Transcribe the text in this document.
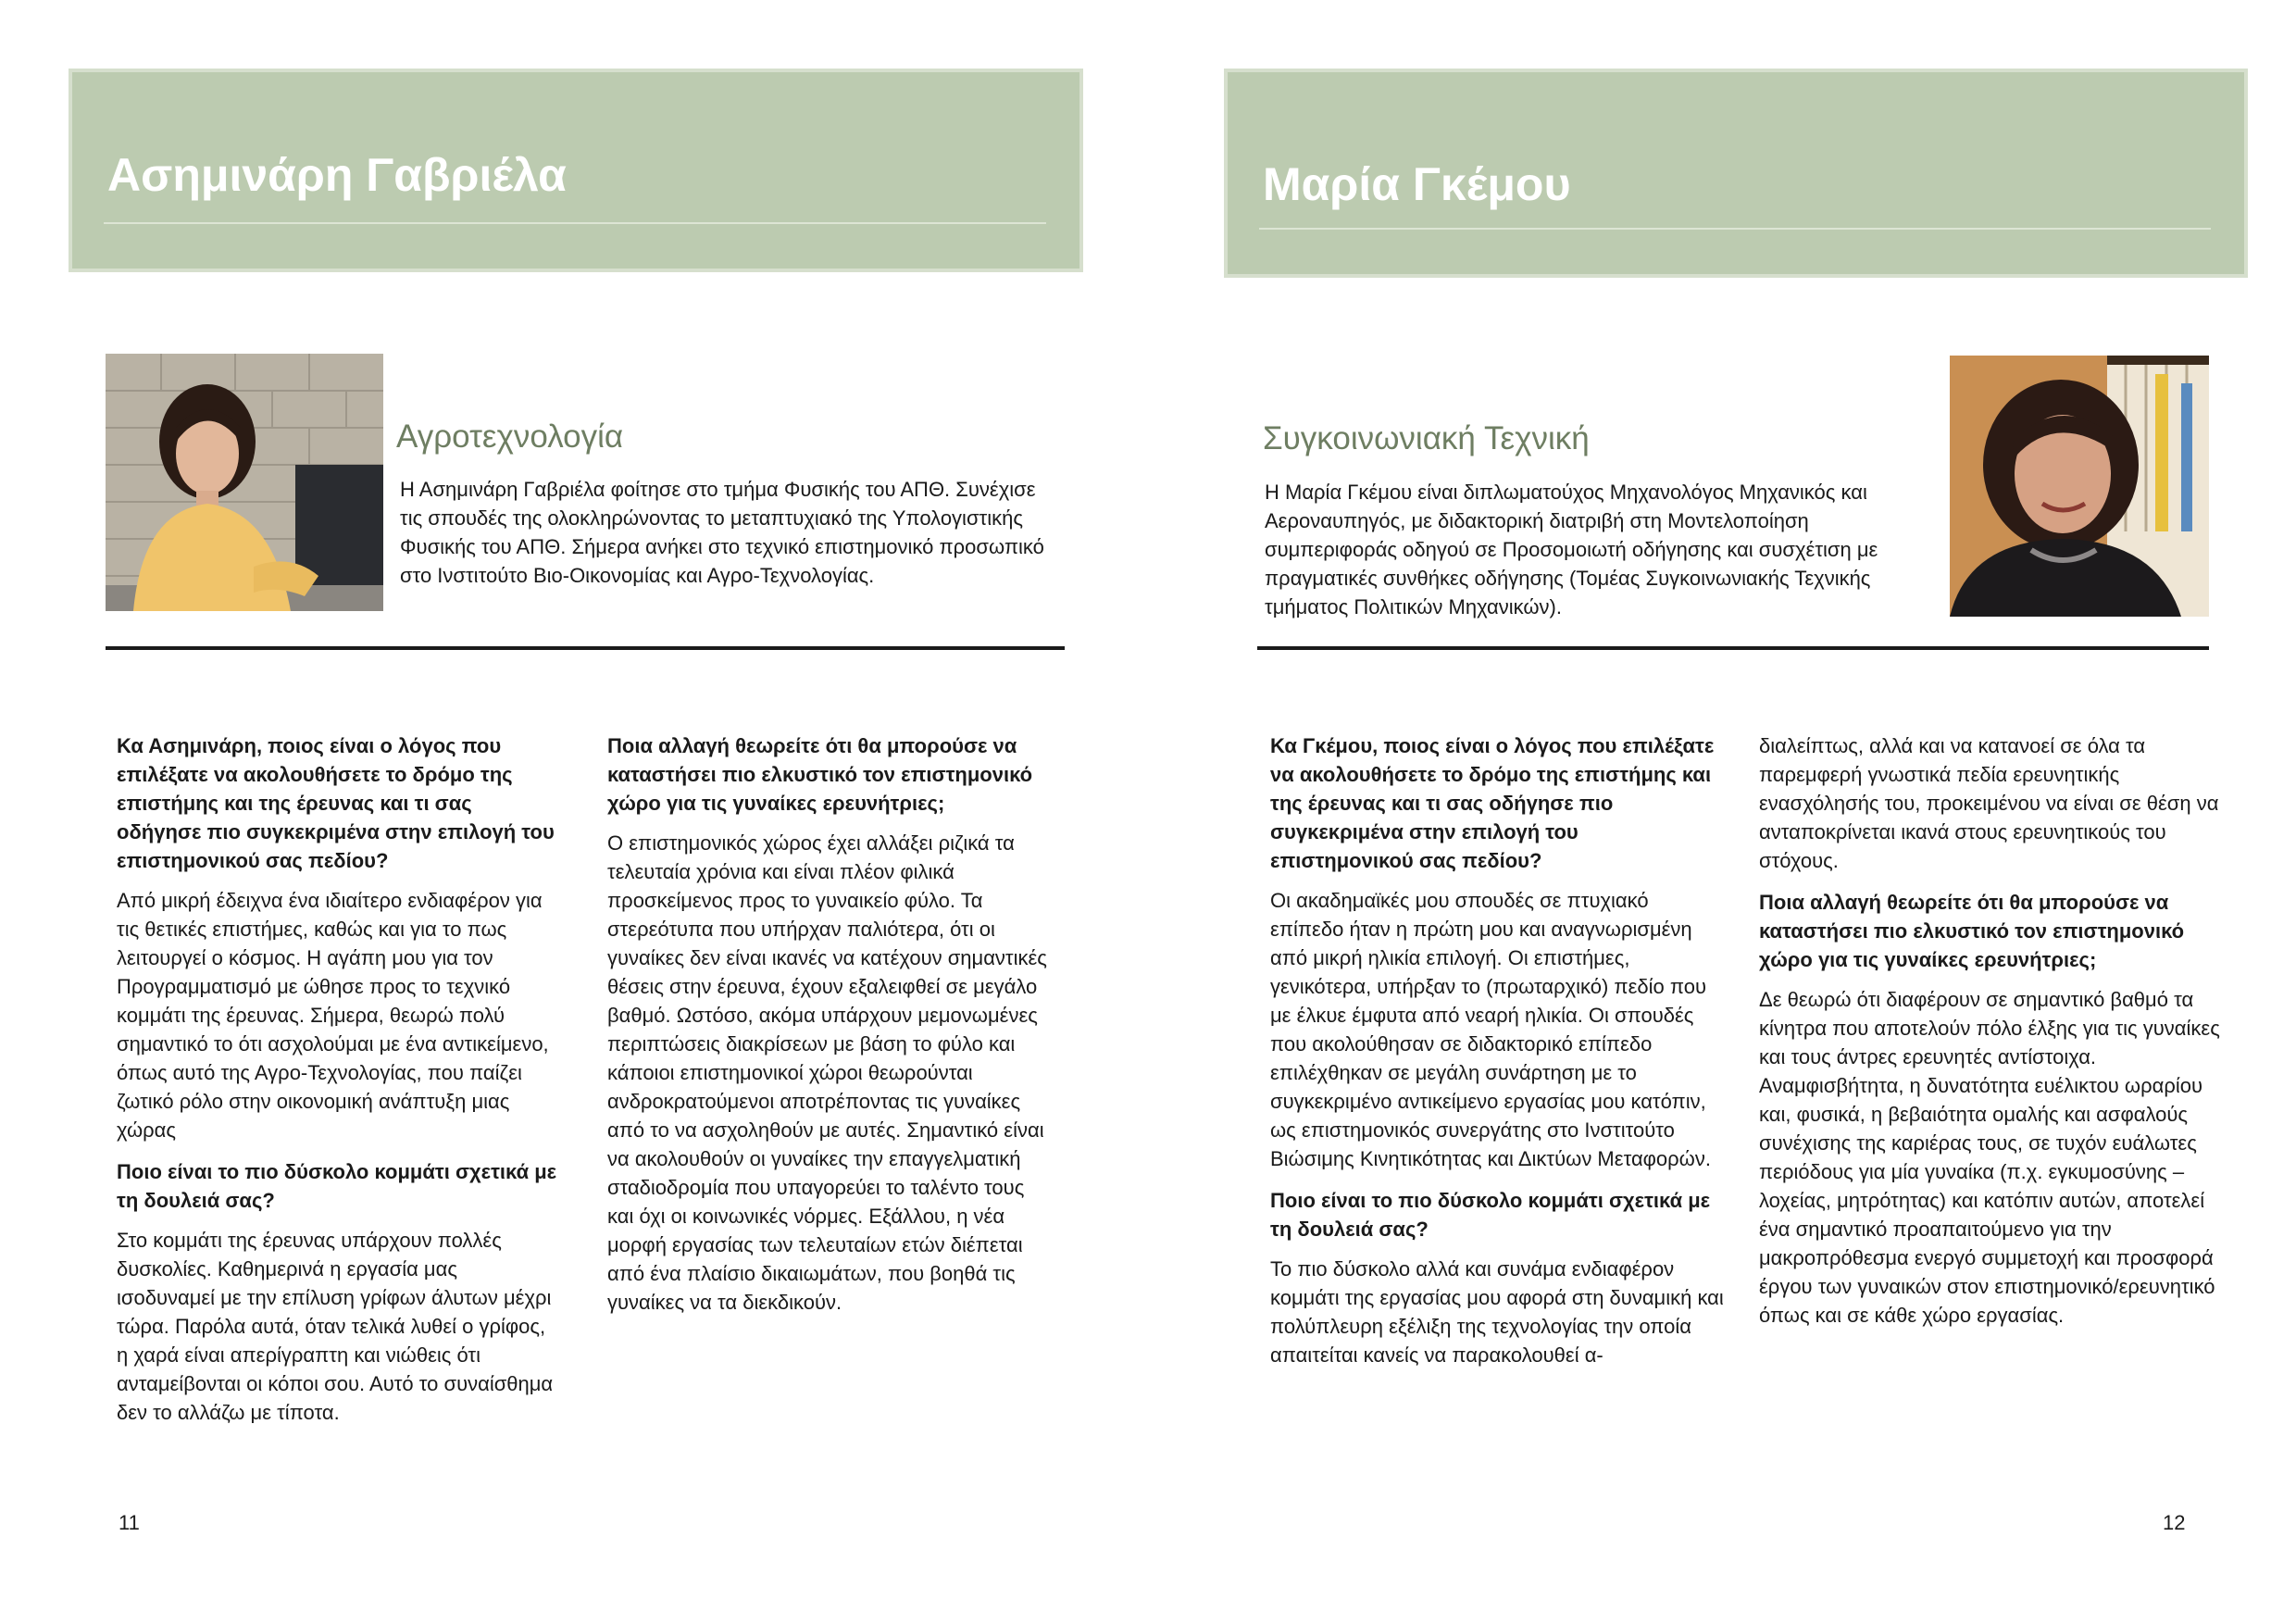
Ασημινάρη Γαβριέλα
Αγροτεχνολογία
Η Ασημινάρη Γαβριέλα φοίτησε στο τμήμα Φυσικής του ΑΠΘ. Συνέχισε τις σπουδές της ολοκληρώνοντας το μεταπτυχιακό της Υπολογιστικής Φυσικής του ΑΠΘ. Σήμερα ανήκει στο τεχνικό επιστημονικό προσωπικό στο Ινστιτούτο Βιο-Οικονομίας και Αγρο-Τεχνολογίας.

Κα Ασημινάρη, ποιος είναι ο λόγος που επιλέξατε να ακολουθήσετε το δρόμο της επιστήμης και της έρευνας και τι σας οδήγησε πιο συγκεκριμένα στην επιλογή του επιστημονικού σας πεδίου?

Από μικρή έδειχνα ένα ιδιαίτερο ενδιαφέρον για τις θετικές επιστήμες, καθώς και για το πως λειτουργεί ο κόσμος. Η αγάπη μου για τον Προγραμματισμό με ώθησε προς το τεχνικό κομμάτι της έρευνας. Σήμερα, θεωρώ πολύ σημαντικό το ότι ασχολούμαι με ένα αντικείμενο, όπως αυτό της Αγρο-Τεχνολογίας, που παίζει ζωτικό ρόλο στην οικονομική ανάπτυξη μιας χώρας

Ποιο είναι το πιο δύσκολο κομμάτι σχετικά με τη δουλειά σας?

Στο κομμάτι της έρευνας υπάρχουν πολλές δυσκολίες. Καθημερινά η εργασία μας ισοδυναμεί με την επίλυση γρίφων άλυτων μέχρι τώρα. Παρόλα αυτά, όταν τελικά λυθεί ο γρίφος, η χαρά είναι απερίγραπτη και νιώθεις ότι ανταμείβονται οι κόποι σου. Αυτό το συναίσθημα δεν το αλλάζω με τίποτα.

Ποια αλλαγή θεωρείτε ότι θα μπορούσε να καταστήσει πιο ελκυστικό τον επιστημονικό χώρο για τις γυναίκες ερευνήτριες;

Ο επιστημονικός χώρος έχει αλλάξει ριζικά τα τελευταία χρόνια και είναι πλέον φιλικά προσκείμενος προς το γυναικείο φύλο. Τα στερεότυπα που υπήρχαν παλιότερα, ότι οι γυναίκες δεν είναι ικανές να κατέχουν σημαντικές θέσεις στην έρευνα, έχουν εξαλειφθεί σε μεγάλο βαθμό. Ωστόσο, ακόμα υπάρχουν μεμονωμένες περιπτώσεις διακρίσεων με βάση το φύλο και κάποιοι επιστημονικοί χώροι θεωρούνται ανδροκρατούμενοι αποτρέποντας τις γυναίκες από το να ασχοληθούν με αυτές. Σημαντικό είναι να ακολουθούν οι γυναίκες την επαγγελματική σταδιοδρομία που υπαγορεύει το ταλέντο τους και όχι οι κοινωνικές νόρμες. Εξάλλου, η νέα μορφή εργασίας των τελευταίων ετών διέπεται από ένα πλαίσιο δικαιωμάτων, που βοηθά τις γυναίκες να τα διεκδικούν.

11
Μαρία Γκέμου
Συγκοινωνιακή Τεχνική
Η Μαρία Γκέμου είναι διπλωματούχος Μηχανολόγος Μηχανικός και Αεροναυπηγός, με διδακτορική διατριβή στη Μοντελοποίηση συμπεριφοράς οδηγού σε Προσομοιωτή οδήγησης και συσχέτιση με πραγματικές συνθήκες οδήγησης (Τομέας Συγκοινωνιακής Τεχνικής τμήματος Πολιτικών Μηχανικών).

Κα Γκέμου, ποιος είναι ο λόγος που επιλέξατε να ακολουθήσετε το δρόμο της επιστήμης και της έρευνας και τι σας οδήγησε πιο συγκεκριμένα στην επιλογή του επιστημονικού σας πεδίου?

Οι ακαδημαϊκές μου σπουδές σε πτυχιακό επίπεδο ήταν η πρώτη μου και αναγνωρισμένη από μικρή ηλικία επιλογή. Οι επιστήμες, γενικότερα, υπήρξαν το (πρωταρχικό) πεδίο που με έλκυε έμφυτα από νεαρή ηλικία. Οι σπουδές που ακολούθησαν σε διδακτορικό επίπεδο επιλέχθηκαν σε μεγάλη συνάρτηση με το συγκεκριμένο αντικείμενο εργασίας μου κατόπιν, ως επιστημονικός συνεργάτης στο Ινστιτούτο Βιώσιμης Κινητικότητας και Δικτύων Μεταφορών.

Ποιο είναι το πιο δύσκολο κομμάτι σχετικά με τη δουλειά σας?

Το πιο δύσκολο αλλά και συνάμα ενδιαφέρον κομμάτι της εργασίας μου αφορά στη δυναμική και πολύπλευρη εξέλιξη της τεχνολογίας την οποία απαιτείται κανείς να παρακολουθεί α-

διαλείπτως, αλλά και να κατανοεί σε όλα τα παρεμφερή γνωστικά πεδία ερευνητικής ενασχόλησής του, προκειμένου να είναι σε θέση να ανταποκρίνεται ικανά στους ερευνητικούς του στόχους.

Ποια αλλαγή θεωρείτε ότι θα μπορούσε να καταστήσει πιο ελκυστικό τον επιστημονικό χώρο για τις γυναίκες ερευνήτριες;

Δε θεωρώ ότι διαφέρουν σε σημαντικό βαθμό τα κίνητρα που αποτελούν πόλο έλξης για τις γυναίκες και τους άντρες ερευνητές αντίστοιχα. Αναμφισβήτητα, η δυνατότητα ευέλικτου ωραρίου και, φυσικά, η βεβαιότητα ομαλής και ασφαλούς συνέχισης της καριέρας τους, σε τυχόν ευάλωτες περιόδους για μία γυναίκα (π.χ. εγκυμοσύνης – λοχείας, μητρότητας) και κατόπιν αυτών, αποτελεί ένα σημαντικό προαπαιτούμενο για την μακροπρόθεσμα ενεργό συμμετοχή και προσφορά έργου των γυναικών στον επιστημονικό/ερευνητικό όπως και σε κάθε χώρο εργασίας.

12
